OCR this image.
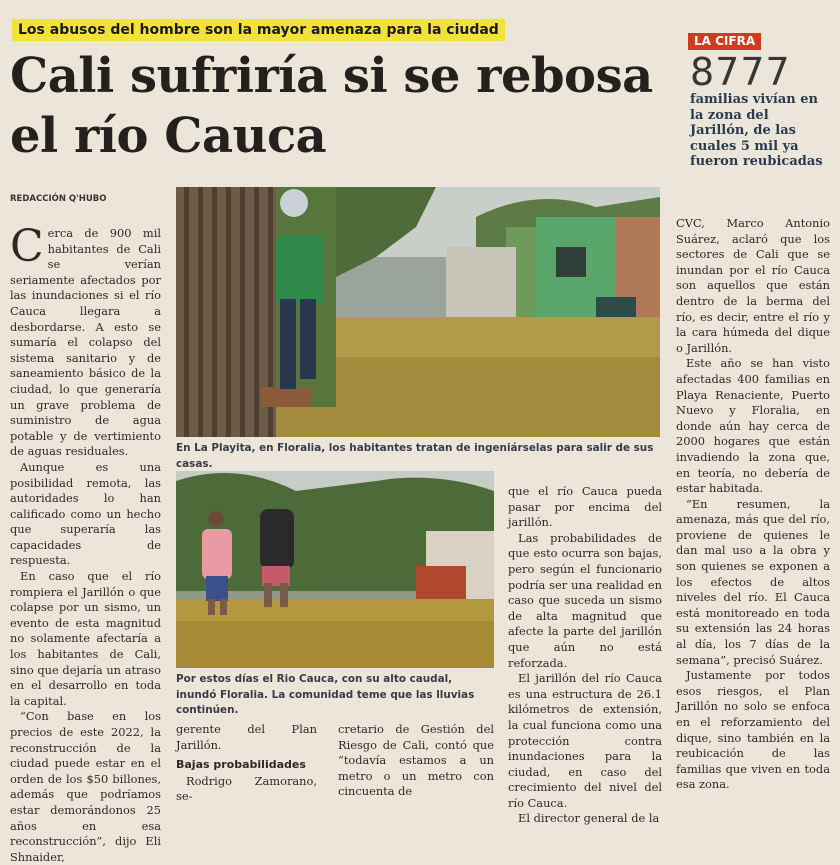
Los abusos del hombre son la mayor amenaza para la ciudad
Cali sufriría si se rebosa el río Cauca
LA CIFRA
8777
familias vivían en la zona del Jarillón, de las cuales 5 mil ya fueron reubicadas
REDACCIÓN Q'HUBO

Cerca de 900 mil habitantes de Cali se verían seriamente afectados por las inundaciones si el río Cauca llegara a desbordarse. A esto se sumaría el colapso del sistema sanitario y de saneamiento básico de la ciudad, lo que generaría un grave problema de suministro de agua potable y de vertimiento de aguas residuales.

Aunque es una posibilidad remota, las autoridades lo han calificado como un hecho que superaría las capacidades de respuesta.

En caso que el río rompiera el Jarillón o que colapse por un sismo, un evento de esta magnitud no solamente afectaría a los habitantes de Cali, sino que dejaría un atraso en el desarrollo en toda la capital.

“Con base en los precios de este 2022, la reconstrucción de la ciudad puede estar en el orden de los $50 billones, además que podríamos estar demorándonos 25 años en esa reconstrucción”, dijo Eli Shnaider,

En La Playita, en Floralia, los habitantes tratan de ingeniárselas para salir de sus casas.
Por estos días el Rio Cauca, con su alto caudal, inundó Floralia. La comunidad teme que las lluvias continúen.

gerente del Plan Jarillón.

Bajas probabilidades

Rodrigo Zamorano, se-

cretario de Gestión del Riesgo de Cali, contó que “todavía estamos a un metro o un metro con cincuenta de

que el río Cauca pueda pasar por encima del jarillón.

Las probabilidades de que esto ocurra son bajas, pero según el funcionario podría ser una realidad en caso que suceda un sismo de alta magnitud que afecte la parte del jarillón que aún no está reforzada.

El jarillón del río Cauca es una estructura de 26.1 kilómetros de extensión, la cual funciona como una protección contra inundaciones para la ciudad, en caso del crecimiento del nivel del río Cauca.

El director general de la

CVC, Marco Antonio Suárez, aclaró que los sectores de Cali que se inundan por el río Cauca son aquellos que están dentro de la berma del río, es decir, entre el río y la cara húmeda del dique o Jarillón.

Este año se han visto afectadas 400 familias en Playa Renaciente, Puerto Nuevo y Floralia, en donde aún hay cerca de 2000 hogares que están invadiendo la zona que, en teoría, no debería de estar habitada.

“En resumen, la amenaza, más que del río, proviene de quienes le dan mal uso a la obra y son quienes se exponen a los efectos de altos niveles del río. El Cauca está monitoreado en toda su extensión las 24 horas al día, los 7 días de la semana”, precisó Suárez.

Justamente por todos esos riesgos, el Plan Jarillón no solo se enfoca en el reforzamiento del dique, sino también en la reubicación de las familias que viven en toda esa zona.
